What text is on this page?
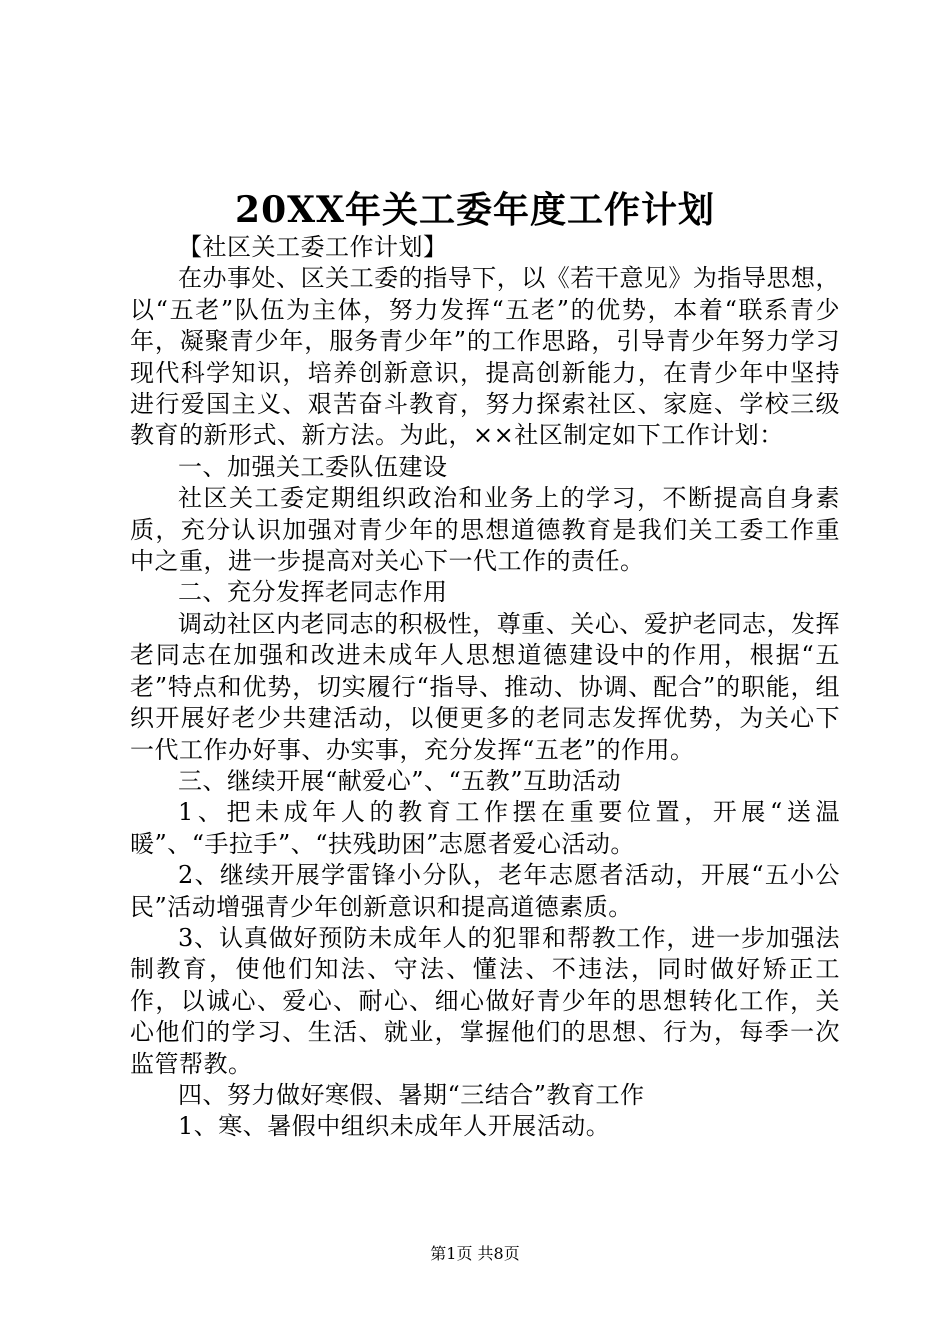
20XX年关工委年度工作计划

【社区关工委工作计划】

在办事处、区关工委的指导下，以《若干意见》为指导思想，以“五老”队伍为主体，努力发挥“五老”的优势，本着“联系青少年，凝聚青少年，服务青少年”的工作思路，引导青少年努力学习现代科学知识，培养创新意识，提高创新能力，在青少年中坚持进行爱国主义、艰苦奋斗教育，努力探索社区、家庭、学校三级教育的新形式、新方法。为此，××社区制定如下工作计划：

一、加强关工委队伍建设

社区关工委定期组织政治和业务上的学习，不断提高自身素质，充分认识加强对青少年的思想道德教育是我们关工委工作重中之重，进一步提高对关心下一代工作的责任。

二、充分发挥老同志作用

调动社区内老同志的积极性，尊重、关心、爱护老同志，发挥老同志在加强和改进未成年人思想道德建设中的作用，根据“五老”特点和优势，切实履行“指导、推动、协调、配合”的职能，组织开展好老少共建活动，以便更多的老同志发挥优势，为关心下一代工作办好事、办实事，充分发挥“五老”的作用。

三、继续开展“献爱心”、“五教”互助活动

1、把未成年人的教育工作摆在重要位置，开展“送温暖”、“手拉手”、“扶残助困”志愿者爱心活动。

2、继续开展学雷锋小分队，老年志愿者活动，开展“五小公民”活动增强青少年创新意识和提高道德素质。

3、认真做好预防未成年人的犯罪和帮教工作，进一步加强法制教育，使他们知法、守法、懂法、不违法，同时做好矫正工作，以诚心、爱心、耐心、细心做好青少年的思想转化工作，关心他们的学习、生活、就业，掌握他们的思想、行为，每季一次监管帮教。

四、努力做好寒假、暑期“三结合”教育工作

1、寒、暑假中组织未成年人开展活动。

第1页 共8页
